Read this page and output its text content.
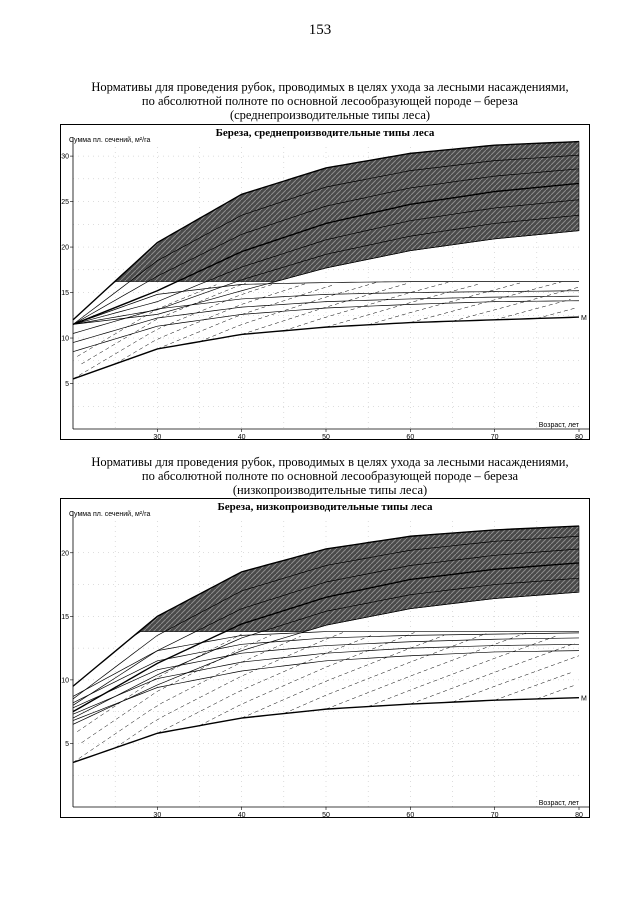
153
Нормативы для проведения рубок, проводимых в целях ухода за лесными насаждениями,
по абсолютной полноте по основной лесообразующей породе – береза
(среднепроизводительные типы леса)
М
30	40	50	60	70	80
5
10
15
20
25
30
Береза, среднепроизводительные типы леса
Сумма пл. сечений, м²/га
Возраст, лет
Нормативы для проведения рубок, проводимых в целях ухода за лесными насаждениями,
по абсолютной полноте по основной лесообразующей породе – береза
(низкопроизводительные типы леса)
М
30	40	50	60	70	80
5
10
15
20
Береза, низкопроизводительные типы леса
Сумма пл. сечений, м²/га
Возраст, лет
